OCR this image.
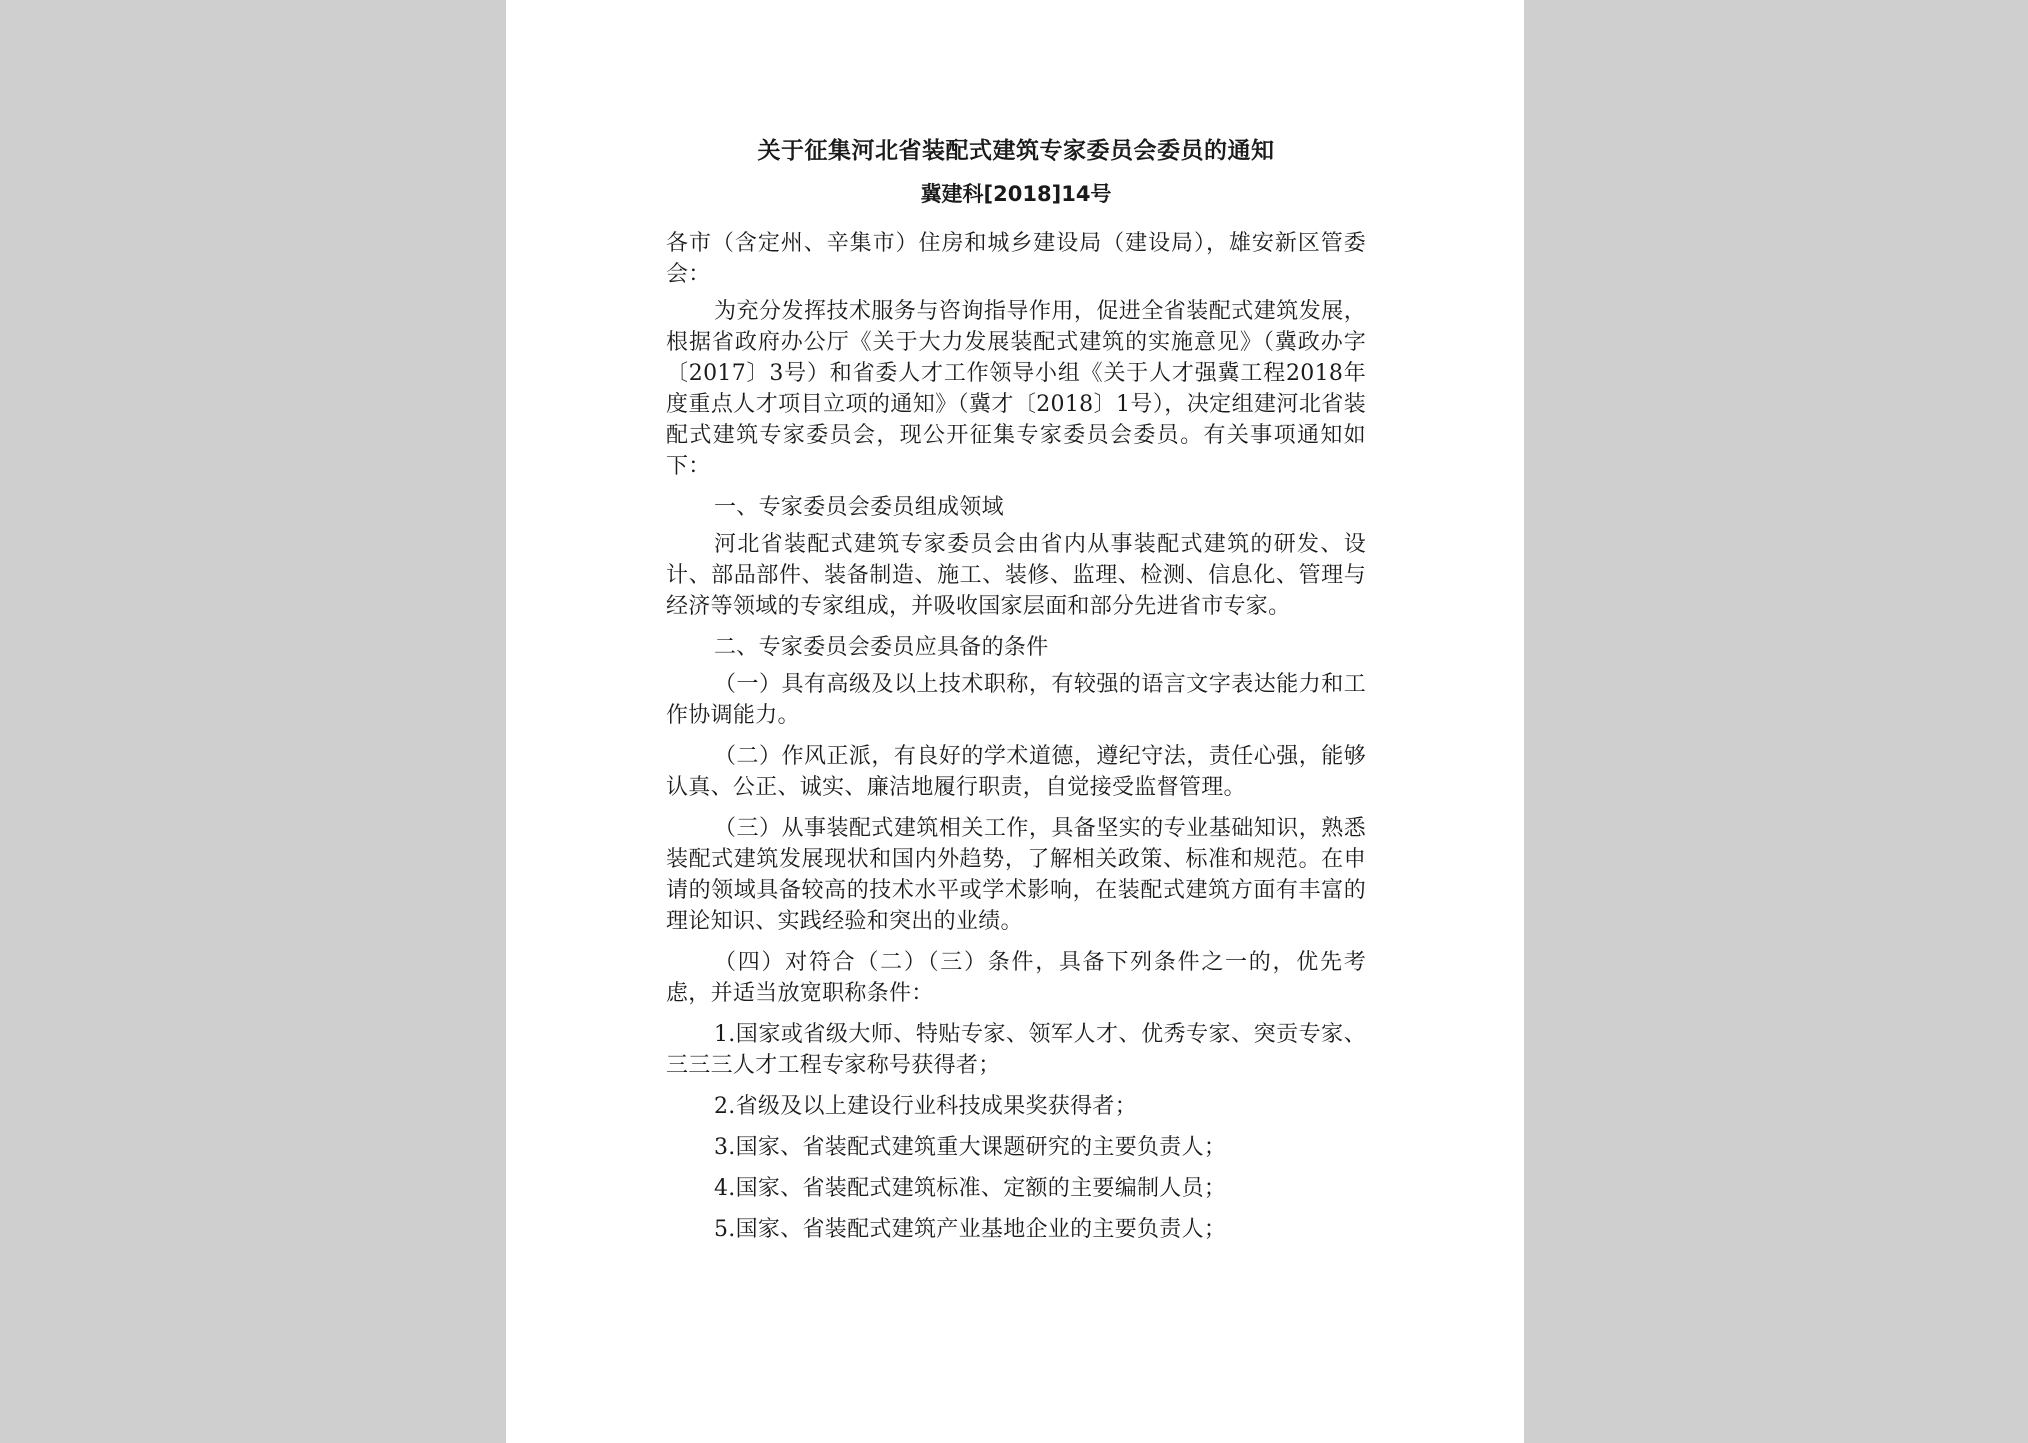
关于征集河北省装配式建筑专家委员会委员的通知

冀建科[2018]14号

各市（含定州、辛集市）住房和城乡建设局（建设局），雄安新区管委会：

为充分发挥技术服务与咨询指导作用，促进全省装配式建筑发展，根据省政府办公厅《关于大力发展装配式建筑的实施意见》（冀政办字〔2017〕3号）和省委人才工作领导小组《关于人才强冀工程2018年度重点人才项目立项的通知》（冀才〔2018〕1号），决定组建河北省装配式建筑专家委员会，现公开征集专家委员会委员。有关事项通知如下：

一、专家委员会委员组成领域

河北省装配式建筑专家委员会由省内从事装配式建筑的研发、设计、部品部件、装备制造、施工、装修、监理、检测、信息化、管理与经济等领域的专家组成，并吸收国家层面和部分先进省市专家。

二、专家委员会委员应具备的条件

（一）具有高级及以上技术职称，有较强的语言文字表达能力和工作协调能力。

（二）作风正派，有良好的学术道德，遵纪守法，责任心强，能够认真、公正、诚实、廉洁地履行职责，自觉接受监督管理。

（三）从事装配式建筑相关工作，具备坚实的专业基础知识，熟悉装配式建筑发展现状和国内外趋势，了解相关政策、标准和规范。在申请的领域具备较高的技术水平或学术影响，在装配式建筑方面有丰富的理论知识、实践经验和突出的业绩。

（四）对符合（二）（三）条件，具备下列条件之一的，优先考虑，并适当放宽职称条件：

1.国家或省级大师、特贴专家、领军人才、优秀专家、突贡专家、三三三人才工程专家称号获得者；

2.省级及以上建设行业科技成果奖获得者；

3.国家、省装配式建筑重大课题研究的主要负责人；

4.国家、省装配式建筑标准、定额的主要编制人员；

5.国家、省装配式建筑产业基地企业的主要负责人；
